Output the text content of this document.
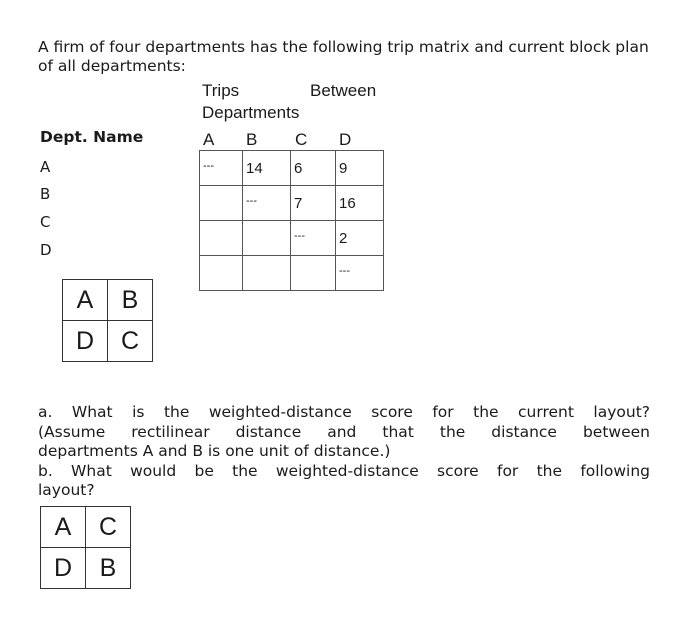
A firm of four departments has the following trip matrix and current block plan of all departments:

Trips	Between
Departments
Dept. Name	A B C D
A
B
C
D
---	14	6	9
	---	7	16
		---	2
			---
A	B
D	C

a. What is the weighted-distance score for the current layout?

(Assume rectilinear distance and that the distance between

departments A and B is one unit of distance.)

b. What would be the weighted-distance score for the following

layout?

A	C
D	B
